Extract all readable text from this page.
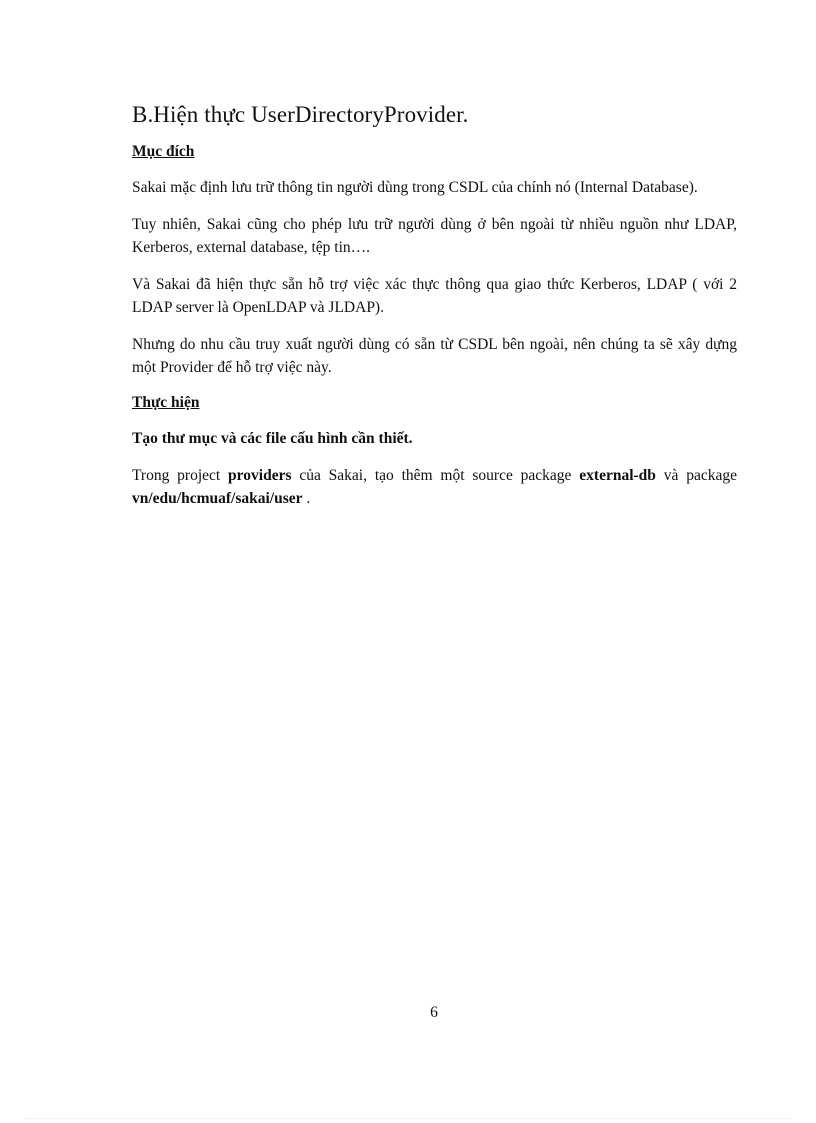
B.Hiện thực UserDirectoryProvider.
Mục đích

Sakai mặc định lưu trữ thông tin người dùng trong CSDL của chính nó (Internal Database).

Tuy nhiên, Sakai cũng cho phép lưu trữ người dùng ở bên ngoài từ nhiều nguồn như LDAP, Kerberos, external database, tệp tin….

Và Sakai đã hiện thực sẵn hỗ trợ việc xác thực thông qua giao thức Kerberos, LDAP ( với 2 LDAP server là OpenLDAP và JLDAP).

Nhưng do nhu cầu truy xuất người dùng có sẵn từ CSDL bên ngoài, nên chúng ta sẽ xây dựng một Provider để hỗ trợ việc này.

Thực hiện

Tạo thư mục và các file cấu hình cần thiết.

Trong project providers của Sakai, tạo thêm một source package external-db và package vn/edu/hcmuaf/sakai/user .

6
